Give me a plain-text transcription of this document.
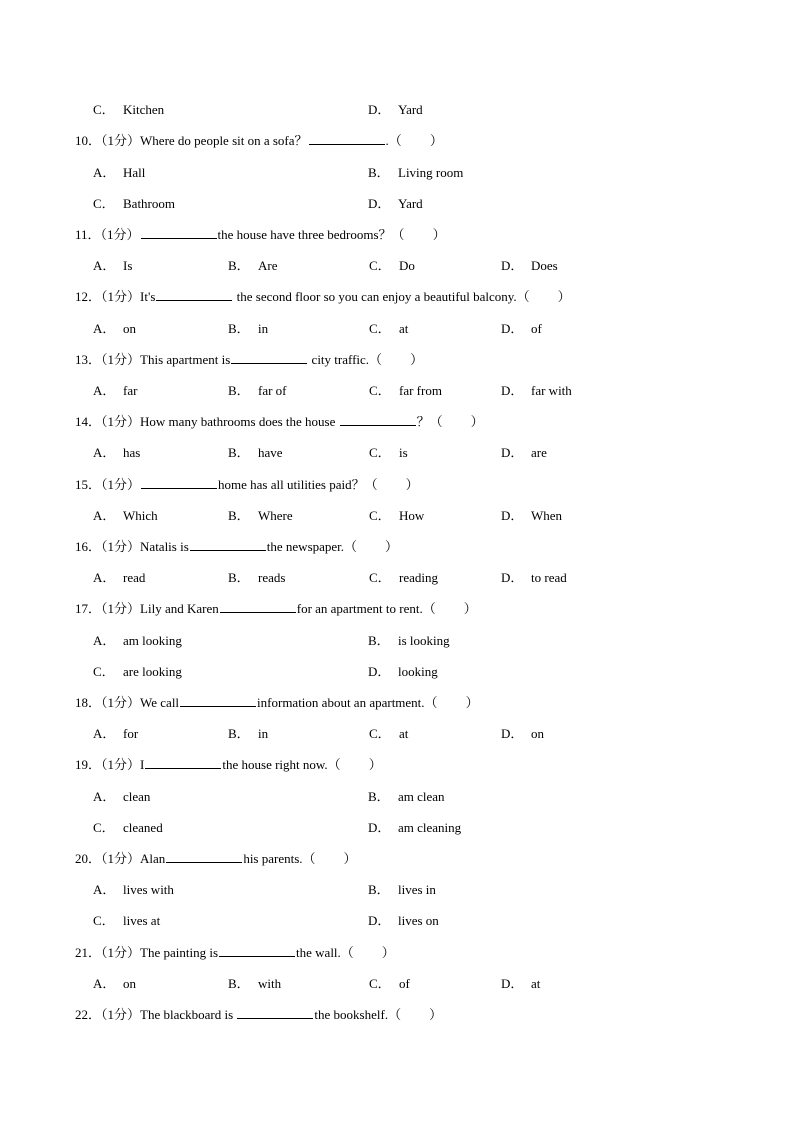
C． Kitchen	D． Yard
10．（1分）Where do people sit on a sofa？	.（ ）
A． Hall	B． Living room
C． Bathroom	D． Yard
11．（1分）	the house have three bedrooms？（ ）
A． Is	B． Are	C． Do	D． Does
12．（1分）It's	the second floor so you can enjoy a beautiful balcony.（ ）
A． on	B． in	C． at	D． of
13．（1分）This apartment is	city traffic.（ ）
A． far	B． far of	C． far from	D． far with
14．（1分）How many bathrooms does the house	？（ ）
A． has	B． have	C． is	D． are
15．（1分）	home has all utilities paid？（ ）
A． Which	B． Where	C． How	D． When
16．（1分）Natalis is	the newspaper.（ ）
A． read	B． reads	C． reading	D． to read
17．（1分）Lily and Karen	for an apartment to rent.（ ）
A． am looking	B． is looking
C． are looking	D． looking
18．（1分）We call	information about an apartment.（ ）
A． for	B． in	C． at	D． on
19．（1分）I	the house right now.（ ）
A． clean	B． am clean
C． cleaned	D． am cleaning
20．（1分）Alan	his parents.（ ）
A． lives with	B． lives in
C． lives at	D． lives on
21．（1分）The painting is	the wall.（ ）
A． on	B． with	C． of	D． at
22．（1分）The blackboard is	the bookshelf.（ ）
